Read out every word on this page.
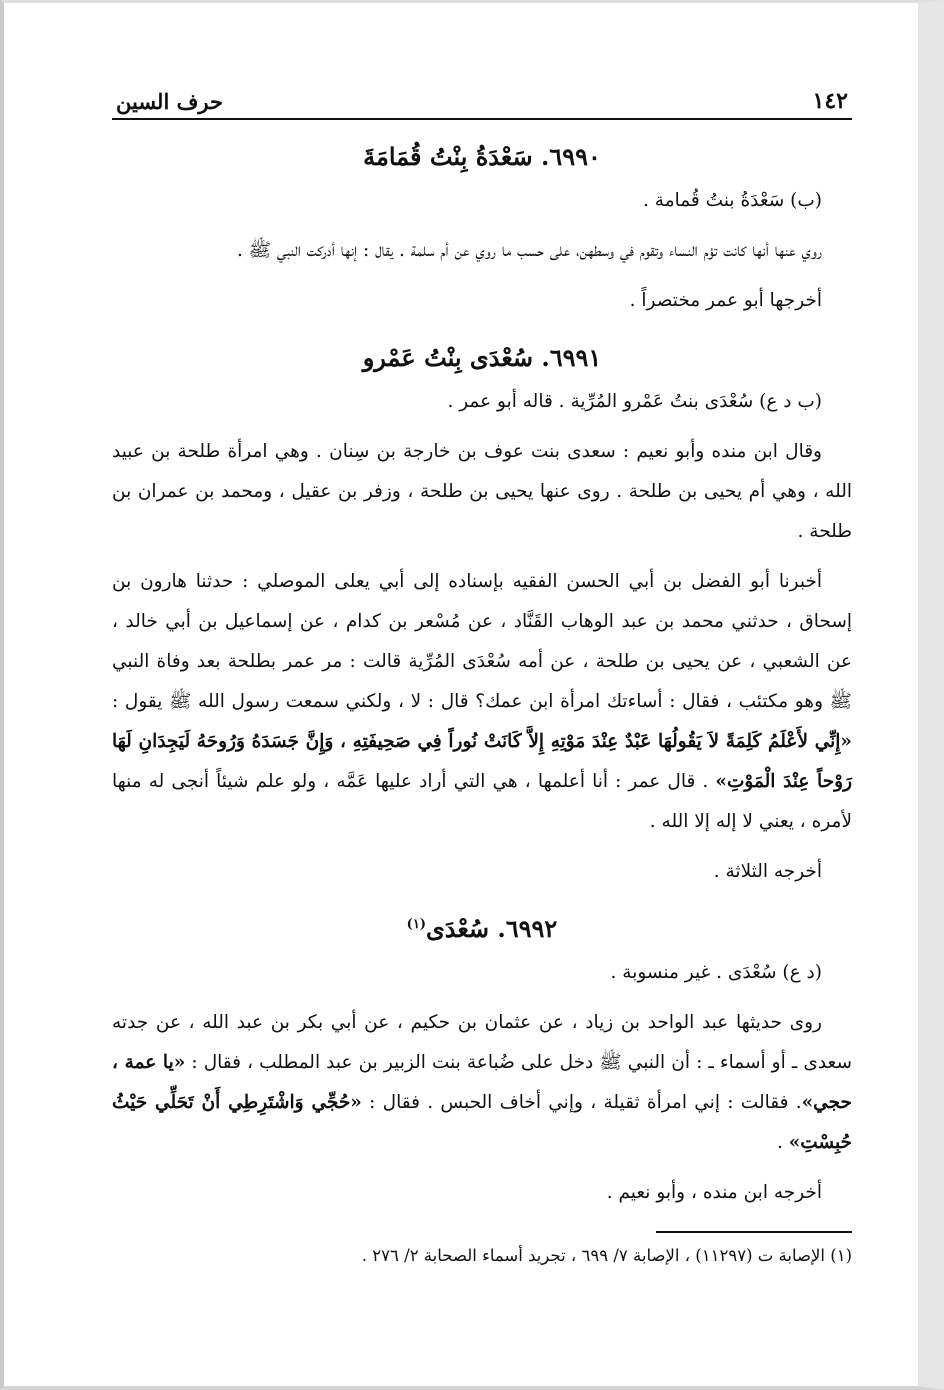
١٤٢
حرف السين
٦٩٩٠. سَعْدَةُ بِنْتُ قُمَامَةَ

(ب) سَعْدَةُ بنتُ قُمامة .

روي عنها أنها كانت تؤم النساء وتقوم في وسطهن، على حسب ما روي عن أم سلمة . يقال : إنها أدركت النبي ﷺ .

أخرجها أبو عمر مختصراً .

٦٩٩١. سُعْدَى بِنْتُ عَمْرو

(ب د ع) سُعْدَى بنتُ عَمْرو المُرِّية . قاله أبو عمر .

وقال ابن منده وأبو نعيم : سعدى بنت عوف بن خارجة بن سِنان . وهي امرأة طلحة بن عبيد الله ، وهي أم يحيى بن طلحة . روى عنها يحيى بن طلحة ، وزفر بن عقيل ، ومحمد بن عمران بن طلحة .

أخبرنا أبو الفضل بن أبي الحسن الفقيه بإسناده إلى أبي يعلى الموصلي : حدثنا هارون بن إسحاق ، حدثني محمد بن عبد الوهاب القَنَّاد ، عن مُسْعر بن كدام ، عن إسماعيل بن أبي خالد ، عن الشعبي ، عن يحيى بن طلحة ، عن أمه سُعْدَى المُرِّية قالت : مر عمر بطلحة بعد وفاة النبي ﷺ وهو مكتئب ، فقال : أساءتك امرأة ابن عمك؟ قال : لا ، ولكني سمعت رسول الله ﷺ يقول : «إِنِّي لأَعْلَمُ كَلِمَةً لاَ يَقُولُهَا عَبْدٌ عِنْدَ مَوْتِهِ إِلاَّ كَانَتْ نُوراً فِي صَحِيفَتِهِ ، وَإِنَّ جَسَدَهُ وَرُوحَهُ لَيَجِدَانِ لَهَا رَوْحاً عِنْدَ الْمَوْتِ» . قال عمر : أنا أعلمها ، هي التي أراد عليها عَمَّه ، ولو علم شيئاً أنجى له منها لأمره ، يعني لا إله إلا الله .

أخرجه الثلاثة .

٦٩٩٢. سُعْدَى$^{(١)}$

(د ع) سُعْدَى . غير منسوبة .

روى حديثها عبد الواحد بن زياد ، عن عثمان بن حكيم ، عن أبي بكر بن عبد الله ، عن جدته سعدى ـ أو أسماء ـ : أن النبي ﷺ دخل على ضُباعة بنت الزبير بن عبد المطلب ، فقال : «يا عمة ، حجي». فقالت : إني امرأة ثقيلة ، وإني أخاف الحبس . فقال : «حُجِّي وَاشْتَرِطِي أَنْ تَحَلِّي حَيْثُ حُبِسْتِ» .

أخرجه ابن منده ، وأبو نعيم .

(١) الإصابة ت (١١٢٩٧) ، الإصابة ٧/ ٦٩٩ ، تجريد أسماء الصحابة ٢/ ٢٧٦ .
